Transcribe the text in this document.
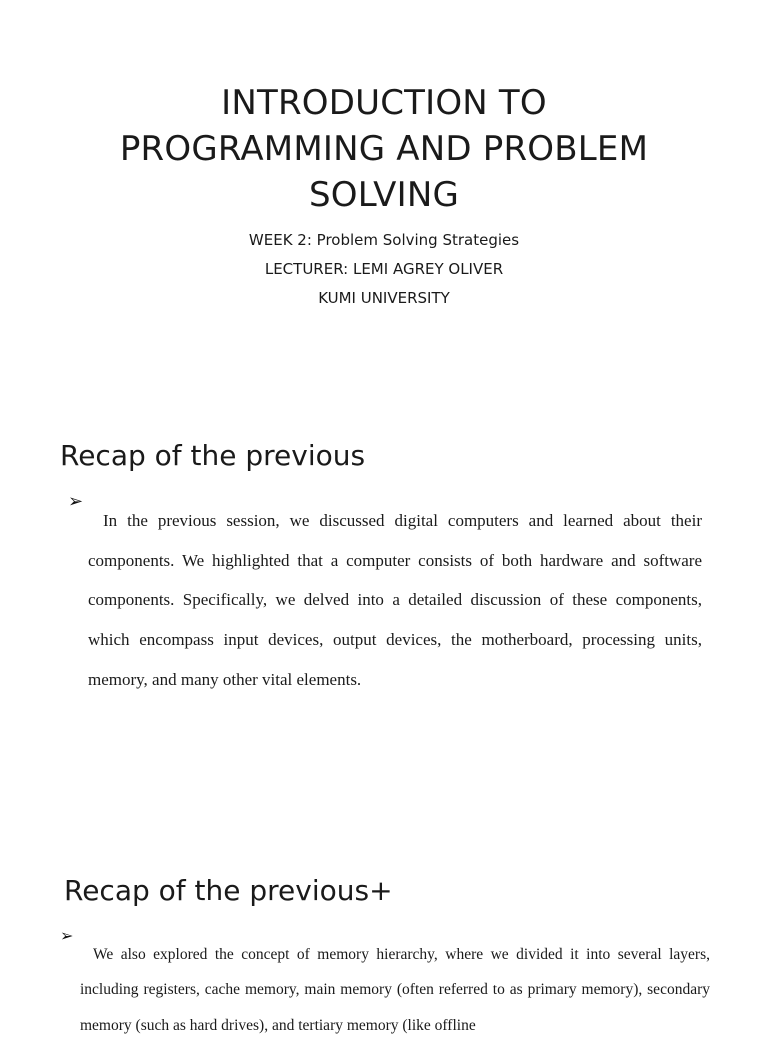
INTRODUCTION TO
PROGRAMMING AND PROBLEM
SOLVING
WEEK 2: Problem Solving Strategies
LECTURER: LEMI AGREY OLIVER
KUMI UNIVERSITY
Recap of the previous
➢

In the previous session, we discussed digital computers and learned about their components. We highlighted that a computer consists of both hardware and software components. Specifically, we delved into a detailed discussion of these components, which encompass input devices, output devices, the motherboard, processing units, memory, and many other vital elements.

Recap of the previous+
➢

We also explored the concept of memory hierarchy, where we divided it into several layers, including registers, cache memory, main memory (often referred to as primary memory), secondary memory (such as hard drives), and tertiary memory (like offline
